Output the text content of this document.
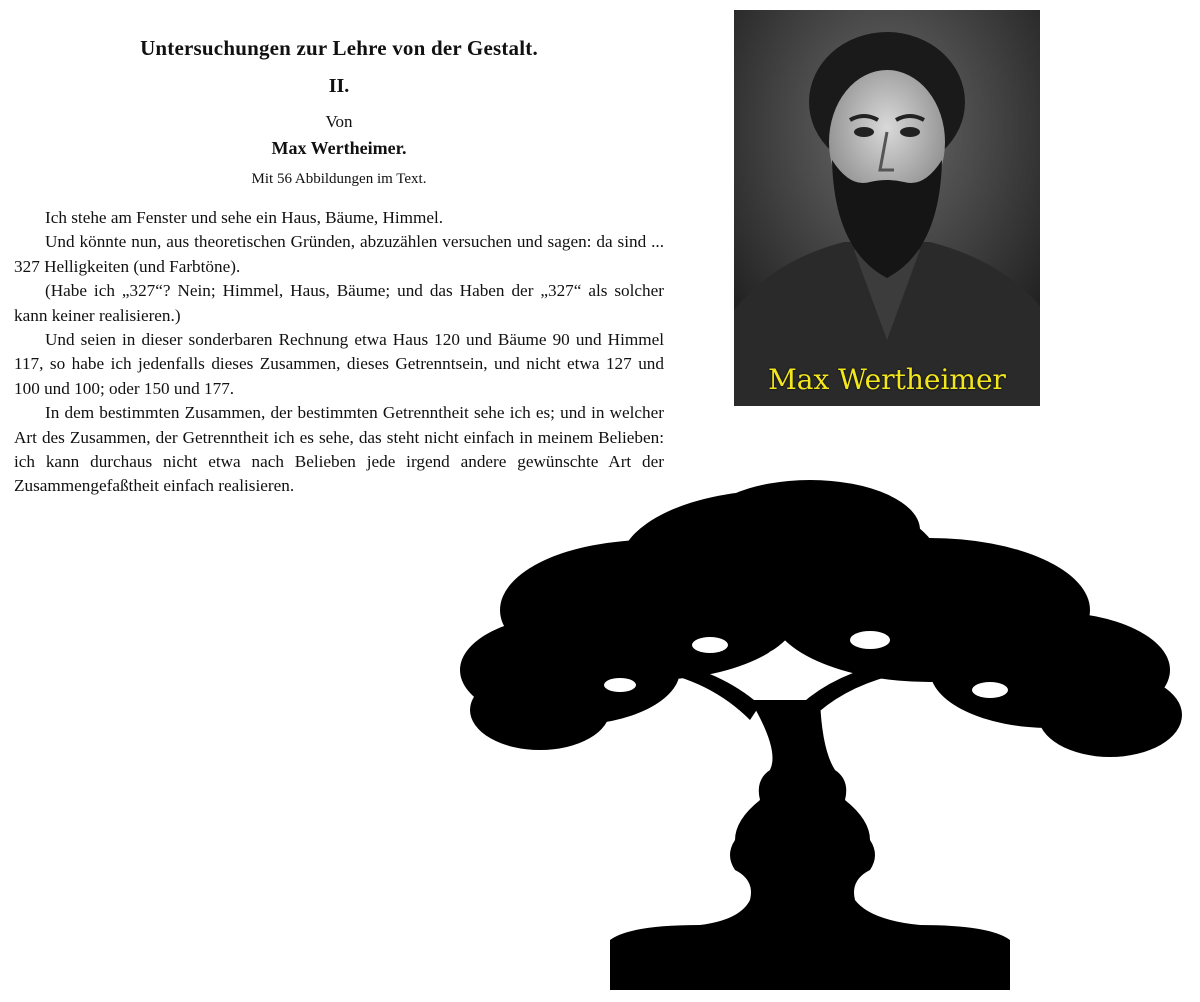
Untersuchungen zur Lehre von der Gestalt.
II.
Von
Max Wertheimer.
Mit 56 Abbildungen im Text.

Ich stehe am Fenster und sehe ein Haus, Bäume, Himmel.

Und könnte nun, aus theoretischen Gründen, abzuzählen versuchen und sagen: da sind ... 327 Helligkeiten (und Farbtöne).

(Habe ich „327“? Nein; Himmel, Haus, Bäume; und das Haben der „327“ als solcher kann keiner realisieren.)

Und seien in dieser sonderbaren Rechnung etwa Haus 120 und Bäume 90 und Himmel 117, so habe ich jedenfalls dieses Zusammen, dieses Getrenntsein, und nicht etwa 127 und 100 und 100; oder 150 und 177.

In dem bestimmten Zusammen, der bestimmten Getrenntheit sehe ich es; und in welcher Art des Zusammen, der Getrenntheit ich es sehe, das steht nicht einfach in meinem Belieben: ich kann durchaus nicht etwa nach Belieben jede irgend andere gewünschte Art der Zusammengefaßtheit einfach realisieren.

Max Wertheimer
